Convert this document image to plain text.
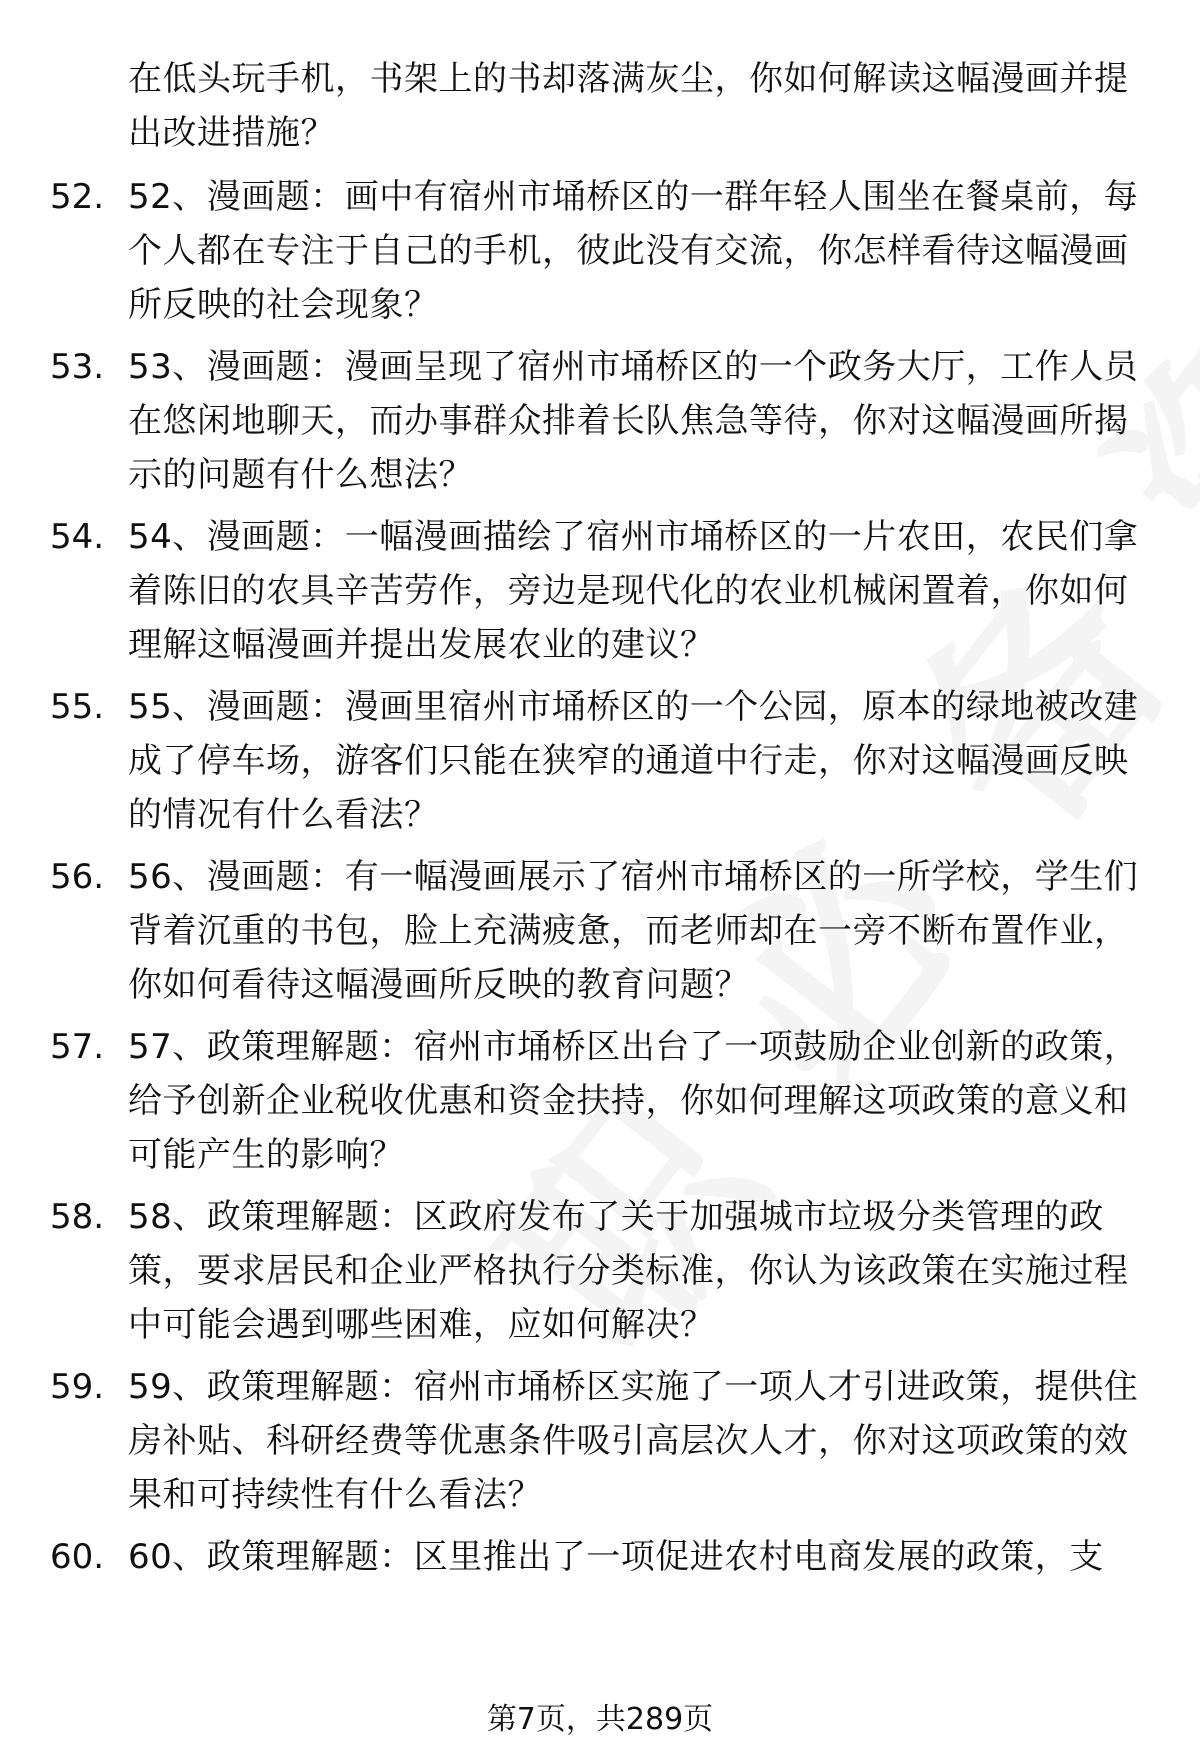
在低头玩手机，书架上的书却落满灰尘，你如何解读这幅漫画并提出改进措施？
52. 52、漫画题：画中有宿州市埇桥区的一群年轻人围坐在餐桌前，每个人都在专注于自己的手机，彼此没有交流，你怎样看待这幅漫画所反映的社会现象？
53. 53、漫画题：漫画呈现了宿州市埇桥区的一个政务大厅，工作人员在悠闲地聊天，而办事群众排着长队焦急等待，你对这幅漫画所揭示的问题有什么想法？
54. 54、漫画题：一幅漫画描绘了宿州市埇桥区的一片农田，农民们拿着陈旧的农具辛苦劳作，旁边是现代化的农业机械闲置着，你如何理解这幅漫画并提出发展农业的建议？
55. 55、漫画题：漫画里宿州市埇桥区的一个公园，原本的绿地被改建成了停车场，游客们只能在狭窄的通道中行走，你对这幅漫画反映的情况有什么看法？
56. 56、漫画题：有一幅漫画展示了宿州市埇桥区的一所学校，学生们背着沉重的书包，脸上充满疲惫，而老师却在一旁不断布置作业，你如何看待这幅漫画所反映的教育问题？
57. 57、政策理解题：宿州市埇桥区出台了一项鼓励企业创新的政策，给予创新企业税收优惠和资金扶持，你如何理解这项政策的意义和可能产生的影响？
58. 58、政策理解题：区政府发布了关于加强城市垃圾分类管理的政策，要求居民和企业严格执行分类标准，你认为该政策在实施过程中可能会遇到哪些困难，应如何解决？
59. 59、政策理解题：宿州市埇桥区实施了一项人才引进政策，提供住房补贴、科研经费等优惠条件吸引高层次人才，你对这项政策的效果和可持续性有什么看法？
60. 60、政策理解题：区里推出了一项促进农村电商发展的政策，支
第7页，共289页
